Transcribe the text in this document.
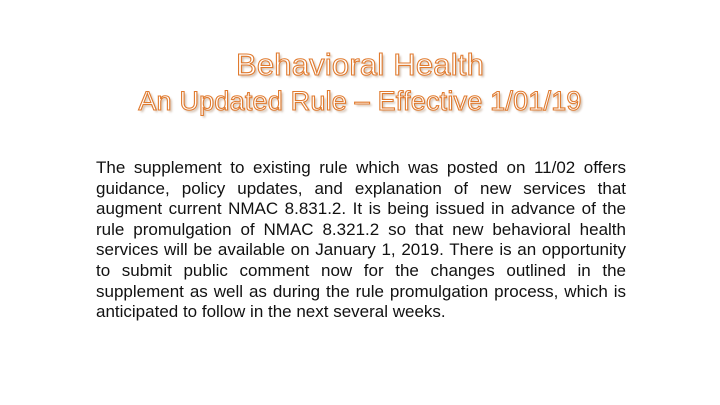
Behavioral Health
An Updated Rule – Effective 1/01/19

The supplement to existing rule which was posted on 11/02 offers guidance, policy updates, and explanation of new services that augment current NMAC 8.831.2. It is being issued in advance of the rule promulgation of NMAC 8.321.2 so that new behavioral health services will be available on January 1, 2019. There is an opportunity to submit public comment now for the changes outlined in the supplement as well as during the rule promulgation process, which is anticipated to follow in the next several weeks.
